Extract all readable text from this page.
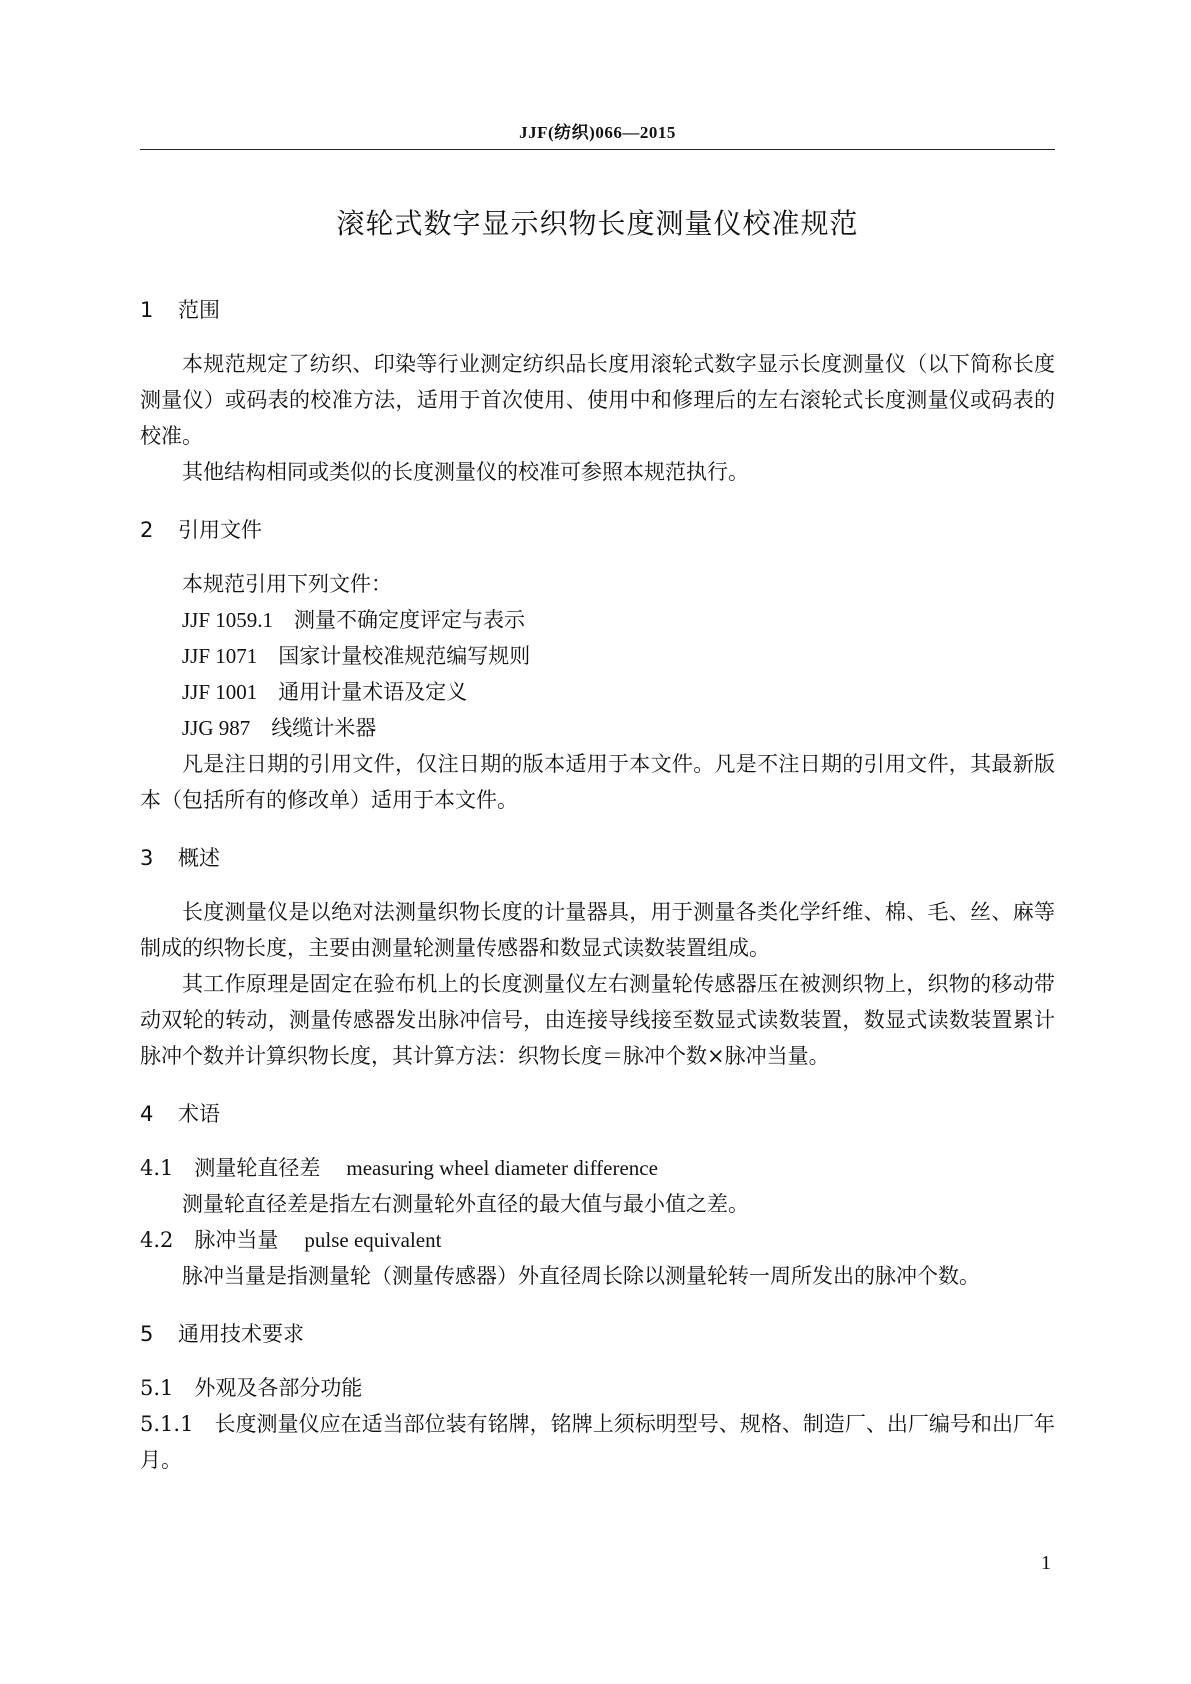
JJF(纺织)066—2015
滚轮式数字显示织物长度测量仪校准规范
1 范围

本规范规定了纺织、印染等行业测定纺织品长度用滚轮式数字显示长度测量仪（以下简称长度测量仪）或码表的校准方法，适用于首次使用、使用中和修理后的左右滚轮式长度测量仪或码表的校准。

其他结构相同或类似的长度测量仪的校准可参照本规范执行。

2 引用文件

本规范引用下列文件：

JJF 1059.1　 测量不确定度评定与表示

JJF 1071　 国家计量校准规范编写规则

JJF 1001　 通用计量术语及定义

JJG 987　 线缆计米器

凡是注日期的引用文件，仅注日期的版本适用于本文件。凡是不注日期的引用文件，其最新版本（包括所有的修改单）适用于本文件。

3 概述

长度测量仪是以绝对法测量织物长度的计量器具，用于测量各类化学纤维、棉、毛、丝、麻等制成的织物长度，主要由测量轮测量传感器和数显式读数装置组成。

其工作原理是固定在验布机上的长度测量仪左右测量轮传感器压在被测织物上，织物的移动带动双轮的转动，测量传感器发出脉冲信号，由连接导线接至数显式读数装置，数显式读数装置累计脉冲个数并计算织物长度，其计算方法：织物长度＝脉冲个数×脉冲当量。

4 术语

4.1　 测量轮直径差 measuring wheel diameter difference

测量轮直径差是指左右测量轮外直径的最大值与最小值之差。

4.2　 脉冲当量 pulse equivalent

脉冲当量是指测量轮（测量传感器）外直径周长除以测量轮转一周所发出的脉冲个数。

5 通用技术要求

5.1　 外观及各部分功能

5.1.1　 长度测量仪应在适当部位装有铭牌，铭牌上须标明型号、规格、制造厂、出厂编号和出厂年月。

1
